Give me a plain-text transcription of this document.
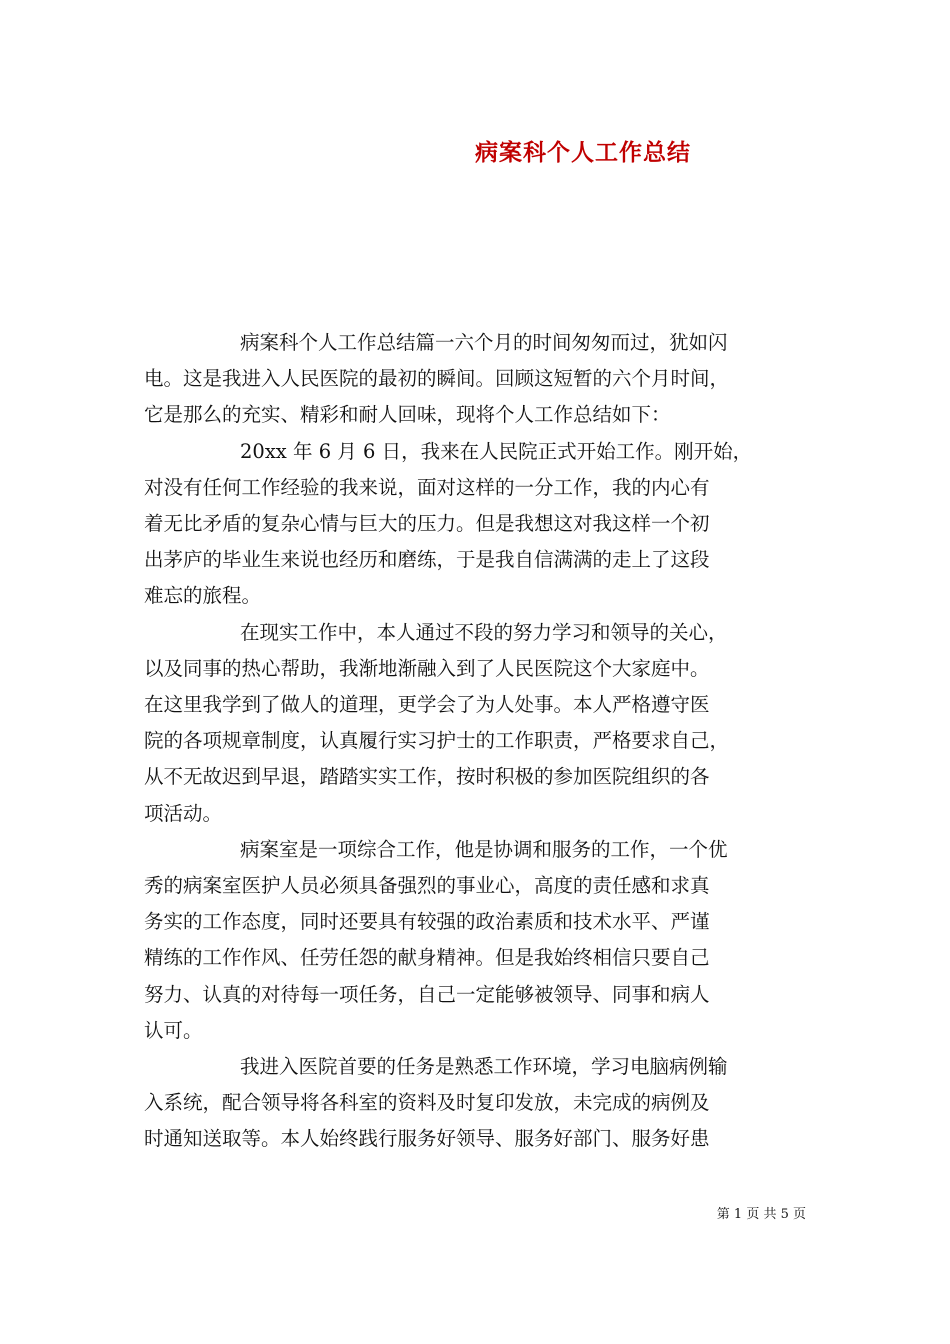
病案科个人工作总结

病案科个人工作总结篇一六个月的时间匆匆而过，犹如闪
电。这是我进入人民医院的最初的瞬间。回顾这短暂的六个月时间，
它是那么的充实、精彩和耐人回味，现将个人工作总结如下：

20xx 年 6 月 6 日，我来在人民院正式开始工作。刚开始，
对没有任何工作经验的我来说，面对这样的一分工作，我的内心有
着无比矛盾的复杂心情与巨大的压力。但是我想这对我这样一个初
出茅庐的毕业生来说也经历和磨练，于是我自信满满的走上了这段
难忘的旅程。

在现实工作中，本人通过不段的努力学习和领导的关心，
以及同事的热心帮助，我渐地渐融入到了人民医院这个大家庭中。
在这里我学到了做人的道理，更学会了为人处事。本人严格遵守医
院的各项规章制度，认真履行实习护士的工作职责，严格要求自己，
从不无故迟到早退，踏踏实实工作，按时积极的参加医院组织的各
项活动。

病案室是一项综合工作，他是协调和服务的工作，一个优
秀的病案室医护人员必须具备强烈的事业心，高度的责任感和求真
务实的工作态度，同时还要具有较强的政治素质和技术水平、严谨
精练的工作作风、任劳任怨的献身精神。但是我始终相信只要自己
努力、认真的对待每一项任务，自己一定能够被领导、同事和病人
认可。

我进入医院首要的任务是熟悉工作环境，学习电脑病例输
入系统，配合领导将各科室的资料及时复印发放，未完成的病例及
时通知送取等。本人始终践行服务好领导、服务好部门、服务好患

第 1 页 共 5 页
